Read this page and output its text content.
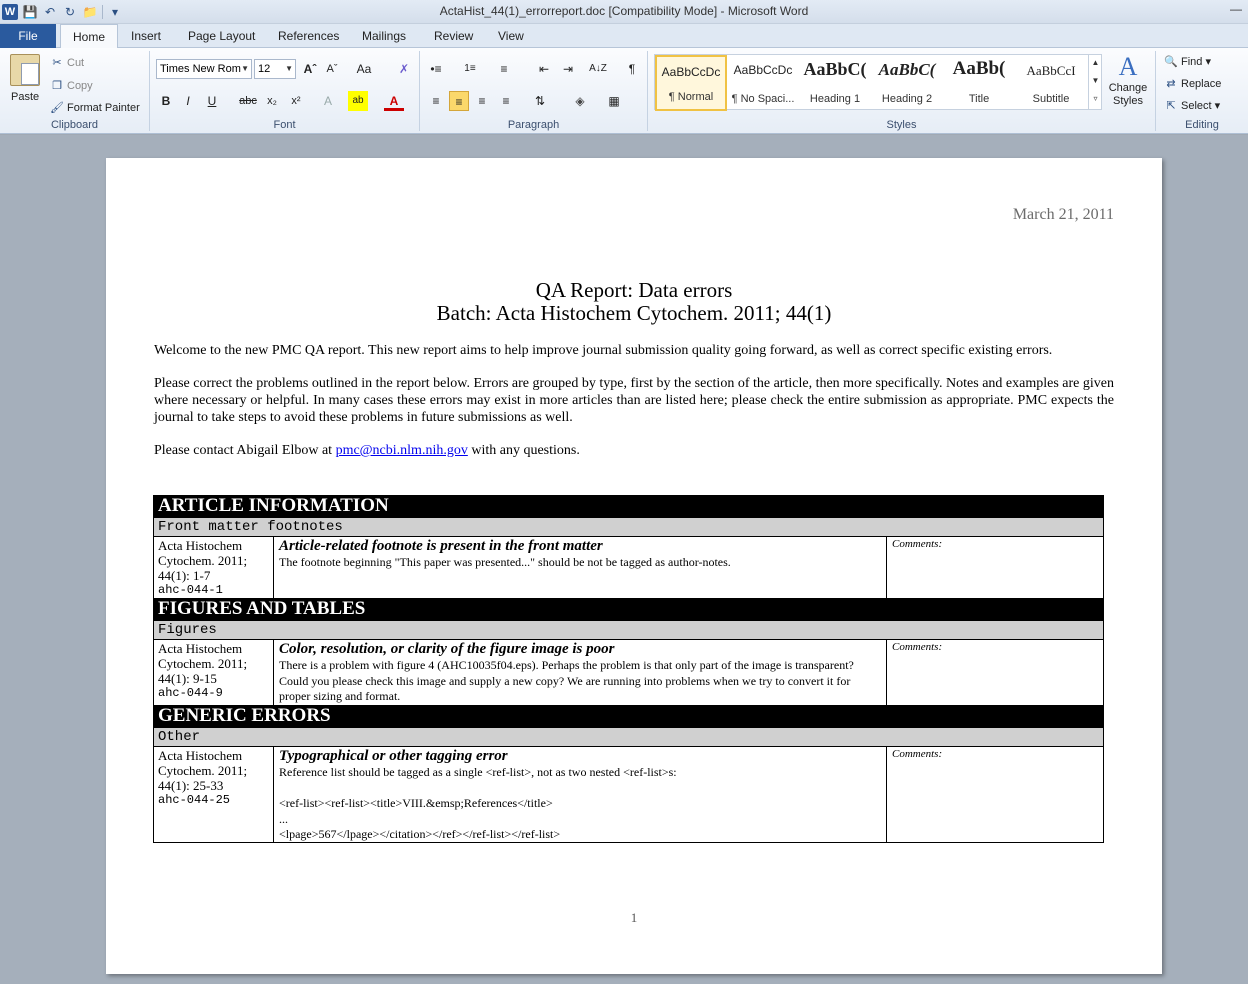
W 💾 ↶ ↻ 📁	▾	ActaHist_44(1)_errorreport.doc [Compatibility Mode] - Microsoft Word	—
File	Home	Insert Page Layout References Mailings Review View
Paste
✂ Cut
❐ Copy
🖌 Format Painter
Clipboard
Times New Rom ▼ 12 ▼ Aˆ Aˇ	Aa	✗
B	I	U	abc x₂	x²	A	ab	A
Font
•≡	1≡	≡	⇤	⇥	A↓Z	¶
≡	≡	≡	≡	⇅	◈	▦
Paragraph	Styles
AaBbCcDc
¶ Normal
AaBbCcDc
¶ No Spaci...
AaBbC(
Heading 1
AaBbC(
Heading 2
AaBb(
Title
AaBbCcI
Subtitle
▲
▼
▿
A
Change Styles
🔍 Find ▾
⇄ Replace
⇱ Select ▾
Editing
March 21, 2011
QA Report: Data errors
Batch: Acta Histochem Cytochem. 2011; 44(1)
Welcome to the new PMC QA report. This new report aims to help improve journal submission quality going forward, as well as correct specific existing errors.
Please correct the problems outlined in the report below. Errors are grouped by type, first by the section of the article, then more specifically. Notes and examples are given where necessary or helpful. In many cases these errors may exist in more articles than are listed here; please check the entire submission as appropriate. PMC expects the journal to take steps to avoid these problems in future submissions as well.
Please contact Abigail Elbow at pmc@ncbi.nlm.nih.gov with any questions.
ARTICLE INFORMATION
Front matter footnotes
Acta Histochem Cytochem. 2011; 44(1): 1-7
ahc-044-1
Article-related footnote is present in the front matter
The footnote beginning "This paper was presented..." should be not be tagged as author-notes.
Comments:
FIGURES AND TABLES
Figures
Acta Histochem Cytochem. 2011; 44(1): 9-15
ahc-044-9
Color, resolution, or clarity of the figure image is poor
There is a problem with figure 4 (AHC10035f04.eps). Perhaps the problem is that only part of the image is transparent? Could you please check this image and supply a new copy? We are running into problems when we try to convert it for proper sizing and format.
Comments:
GENERIC ERRORS
Other
Acta Histochem Cytochem. 2011; 44(1): 25-33
ahc-044-25
Typographical or other tagging error
Reference list should be tagged as a single <ref-list>, not as two nested <ref-list>s:
<ref-list><ref-list><title>VIII.&emsp;References</title>
...
<lpage>567</lpage></citation></ref></ref-list></ref-list>
Comments:
1
